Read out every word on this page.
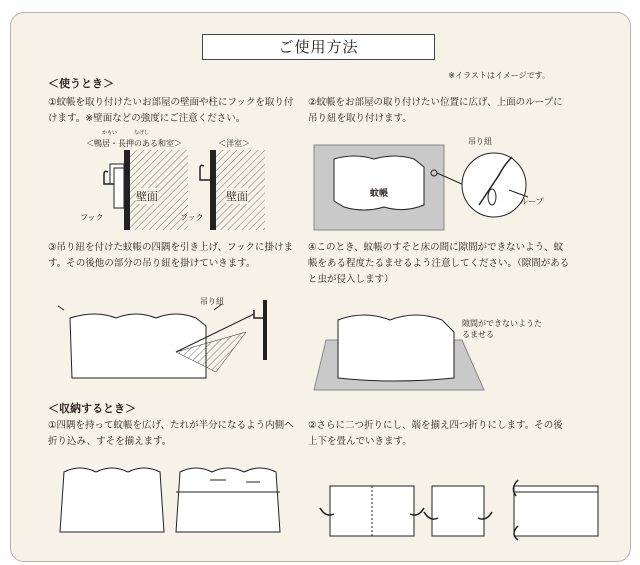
ご使用方法
※イラストはイメージです。
＜使うとき＞
①蚊帳を取り付けたいお部屋の壁面や柱にフックを取り付けます。※壁面などの強度にご注意ください。
かもい	なげし
＜鴨居・長押のある和室＞	＜洋室＞
壁面
フック
壁面
フック
②蚊帳をお部屋の取り付けたい位置に広げ、上面のループに吊り紐を取り付けます。
蚊帳
吊り紐
ループ
③吊り紐を付けた蚊帳の四隅を引き上げ、フックに掛けます。その後他の部分の吊り紐を掛けていきます。
吊り紐
④このとき、蚊帳のすそと床の間に隙間ができないよう、蚊帳をある程度たるませるよう注意してください。（隙間があると虫が侵入します）
隙間ができないようたるませる
＜収納するとき＞
①四隅を持って蚊帳を広げ、たれが半分になるよう内側へ折り込み、すそを揃えます。
②さらに二つ折りにし、端を揃え四つ折りにします。その後上下を畳んでいきます。
